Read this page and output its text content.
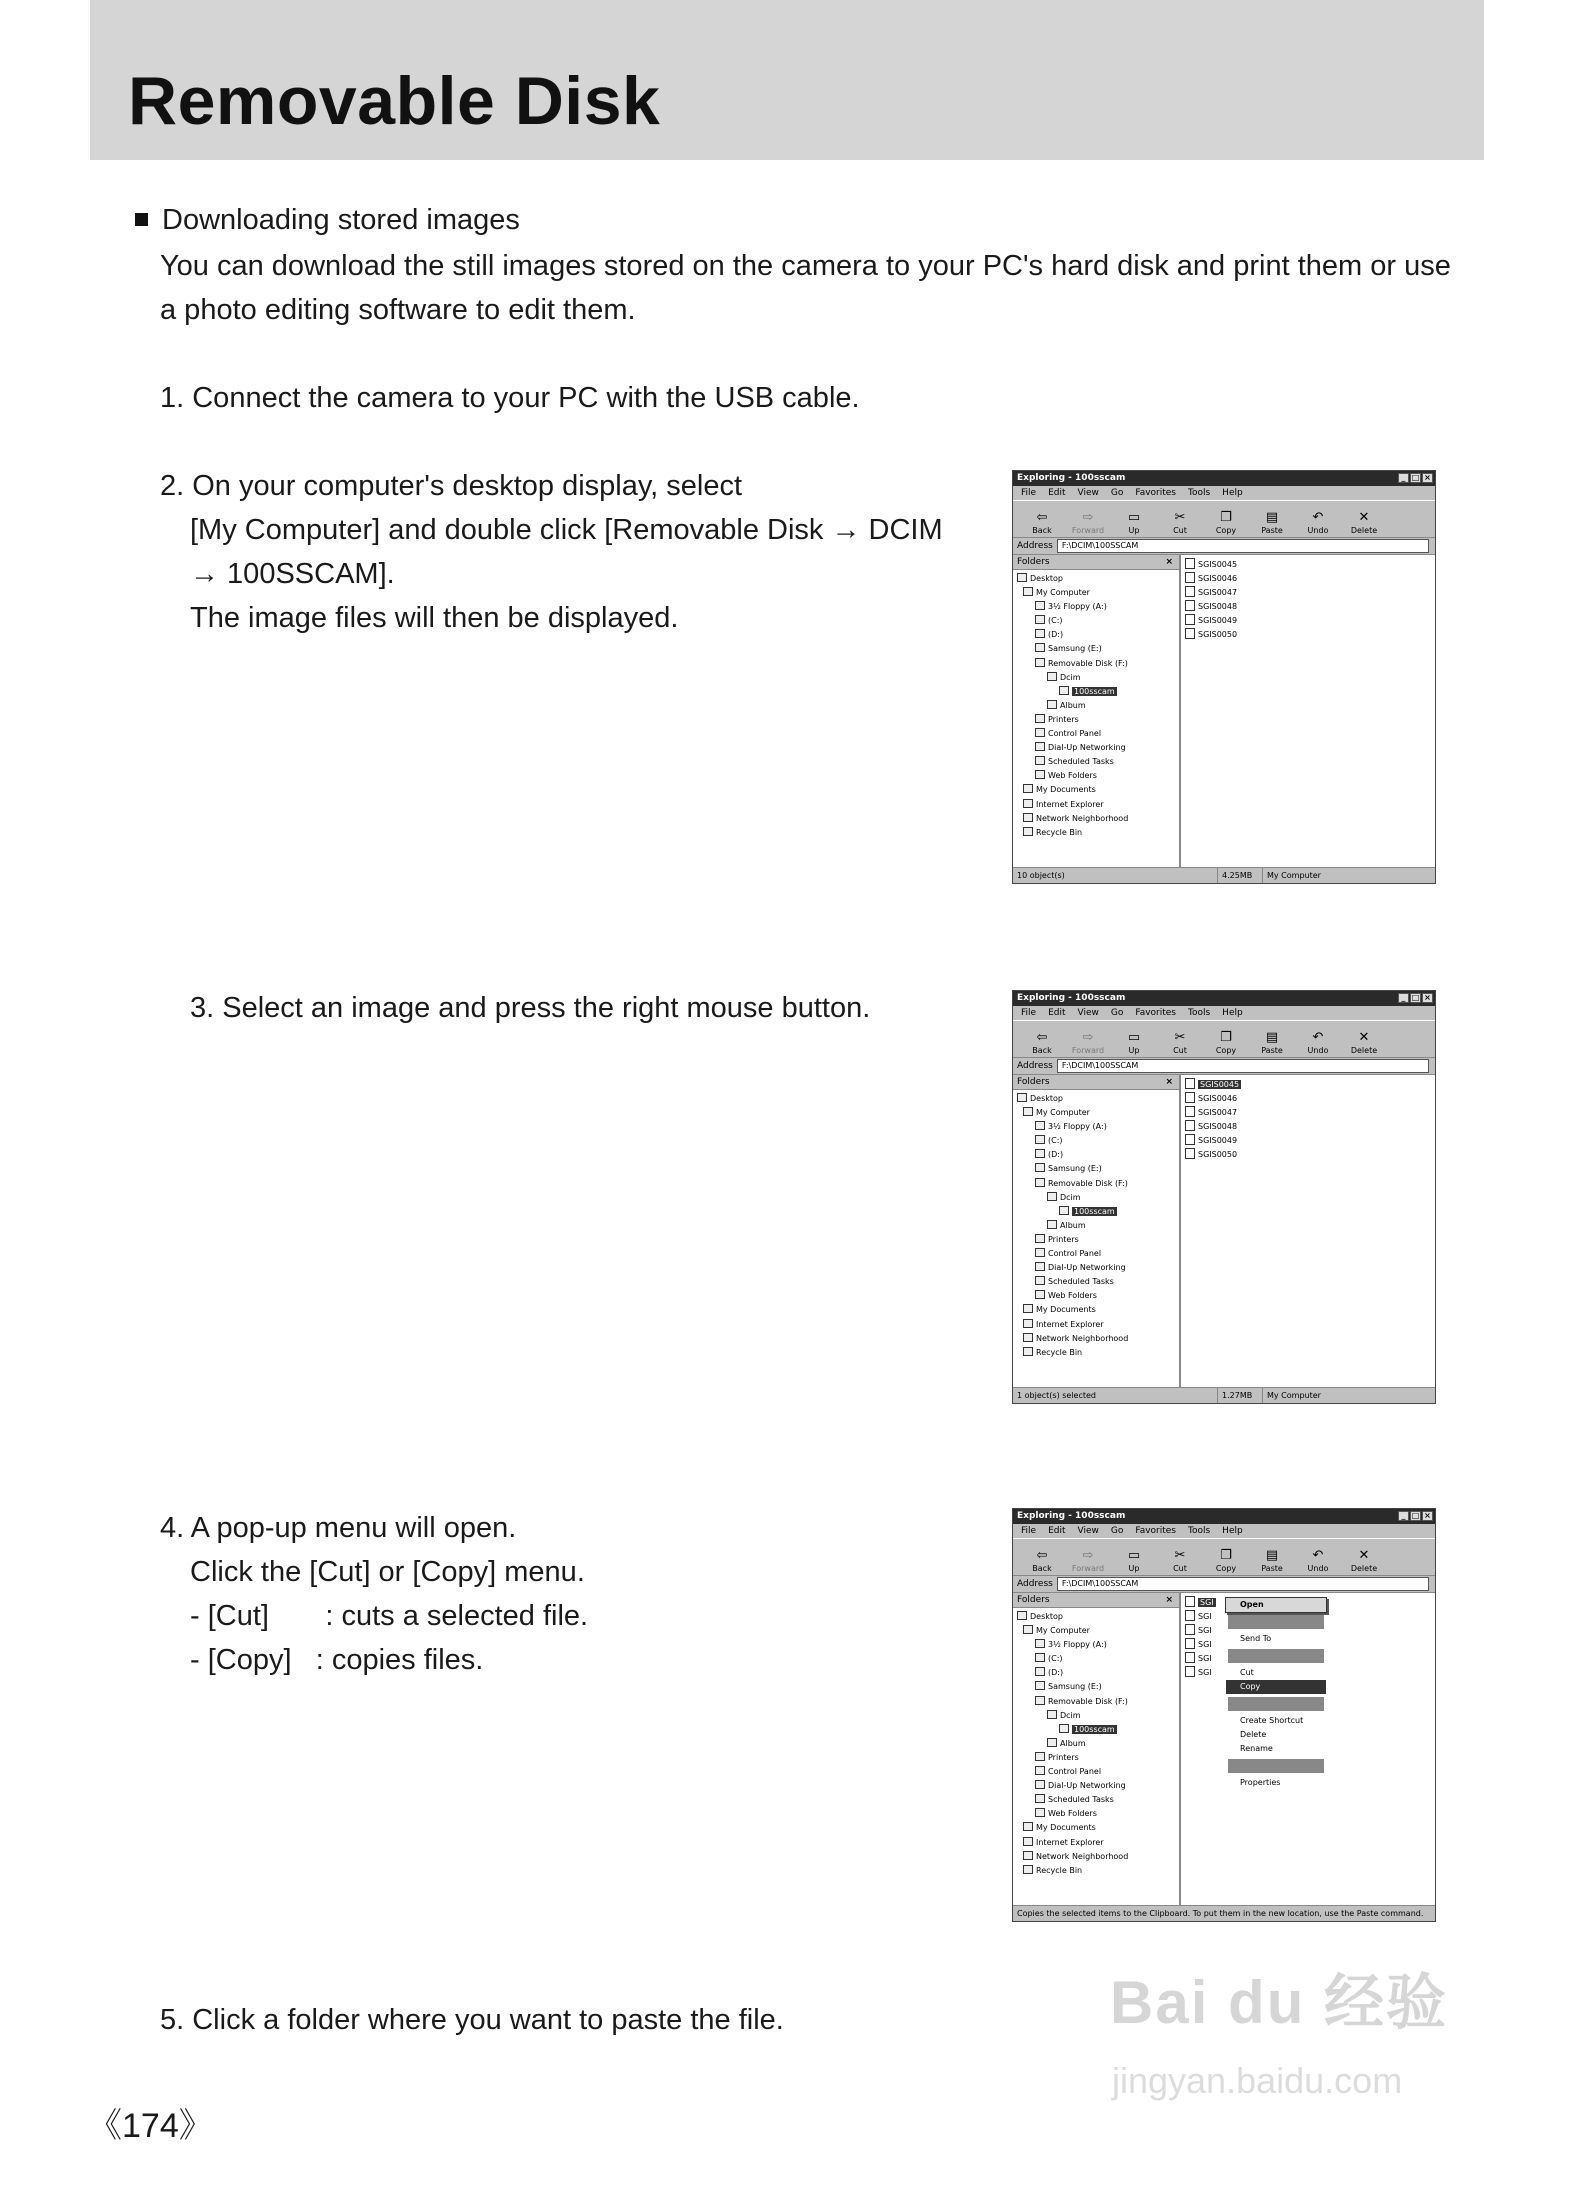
Removable Disk
Downloading stored images
You can download the still images stored on the camera to your PC's hard disk and print them or use
a photo editing software to edit them.
1. Connect the camera to your PC with the USB cable.
2. On your computer's desktop display, select
[My Computer] and double click [Removable Disk → DCIM
→ 100SSCAM].
The image files will then be displayed.
3. Select an image and press the right mouse button.
4. A pop-up menu will open.
Click the [Cut] or [Copy] menu.
- [Cut]       : cuts a selected file.
- [Copy]   : copies files.
5. Click a folder where you want to paste the file.
《174》
Exploring - 100sscam	_ □ ×
File Edit View Go Favorites Tools Help
⇦
Back
⇨
Forward
▭
Up
✂
Cut
❐
Copy
▤
Paste
↶
Undo
✕
Delete
Address	F:\DCIM\100SSCAM
Folders	×
Desktop
My Computer
3½ Floppy (A:)
(C:)
(D:)
Samsung (E:)
Removable Disk (F:)
Dcim
100sscam
Album
Printers
Control Panel
Dial-Up Networking
Scheduled Tasks
Web Folders
My Documents
Internet Explorer
Network Neighborhood
Recycle Bin
SGIS0045
SGIS0046
SGIS0047
SGIS0048
SGIS0049
SGIS0050
10 object(s)	4.25MB	My Computer
Exploring - 100sscam	_ □ ×
File Edit View Go Favorites Tools Help
⇦
Back
⇨
Forward
▭
Up
✂
Cut
❐
Copy
▤
Paste
↶
Undo
✕
Delete
Address	F:\DCIM\100SSCAM
Folders	×
Desktop
My Computer
3½ Floppy (A:)
(C:)
(D:)
Samsung (E:)
Removable Disk (F:)
Dcim
100sscam
Album
Printers
Control Panel
Dial-Up Networking
Scheduled Tasks
Web Folders
My Documents
Internet Explorer
Network Neighborhood
Recycle Bin
SGIS0045
SGIS0046
SGIS0047
SGIS0048
SGIS0049
SGIS0050
1 object(s) selected	1.27MB	My Computer
Exploring - 100sscam	_ □ ×
File Edit View Go Favorites Tools Help
⇦
Back
⇨
Forward
▭
Up
✂
Cut
❐
Copy
▤
Paste
↶
Undo
✕
Delete
Address	F:\DCIM\100SSCAM
Folders	×
Desktop
My Computer
3½ Floppy (A:)
(C:)
(D:)
Samsung (E:)
Removable Disk (F:)
Dcim
100sscam
Album
Printers
Control Panel
Dial-Up Networking
Scheduled Tasks
Web Folders
My Documents
Internet Explorer
Network Neighborhood
Recycle Bin
SGI
SGI
SGI
SGI
SGI
SGI
Open
Send To
Cut
Copy
Create Shortcut
Delete
Rename
Properties
Copies the selected items to the Clipboard. To put them in the new location, use the Paste command.
Bai du 经验
jingyan.baidu.com
